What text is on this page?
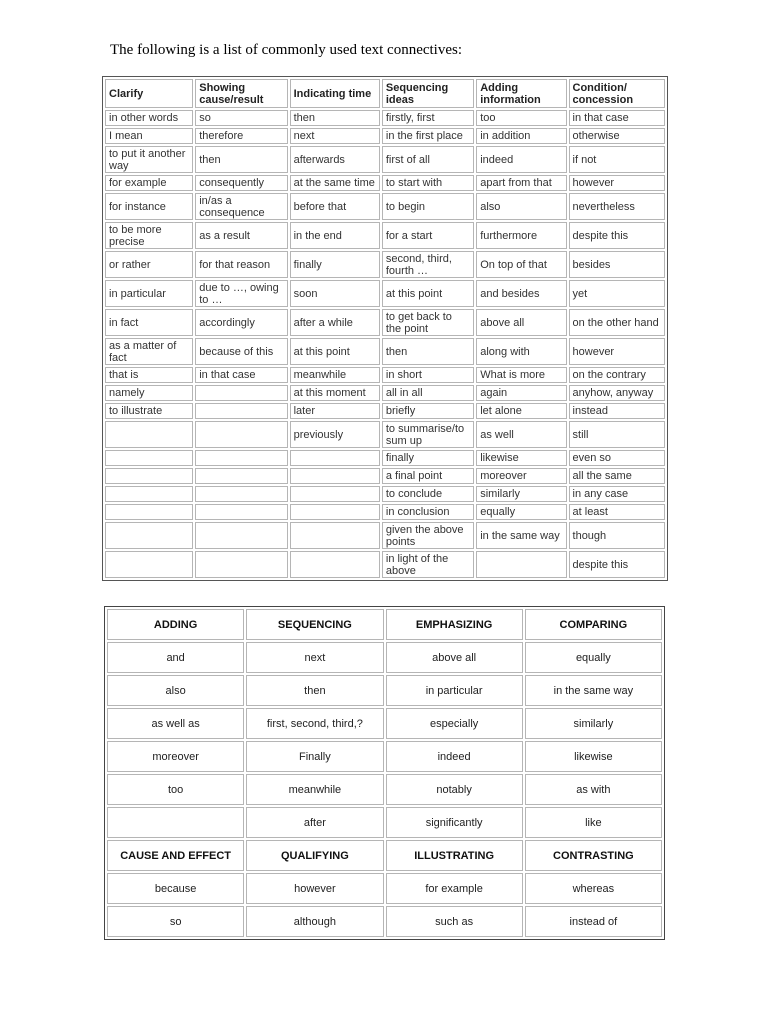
The following is a list of commonly used text connectives:
Clarify	Showing cause/result	Indicating time	Sequencing ideas	Adding information	Condition/ concession
in other words	so	then	firstly, first	too	in that case
I mean	therefore	next	in the first place	in addition	otherwise
to put it another way	then	afterwards	first of all	indeed	if not
for example	consequently	at the same time	to start with	apart from that	however
for instance	in/as a consequence	before that	to begin	also	nevertheless
to be more precise	as a result	in the end	for a start	furthermore	despite this
or rather	for that reason	finally	second, third, fourth …	On top of that	besides
in particular	due to …, owing to …	soon	at this point	and besides	yet
in fact	accordingly	after a while	to get back to the point	above all	on the other hand
as a matter of fact	because of this	at this point	then	along with	however
that is	in that case	meanwhile	in short	What is more	on the contrary
namely		at this moment	all in all	again	anyhow, anyway
to illustrate		later	briefly	let alone	instead
		previously	to summarise/to sum up	as well	still
			finally	likewise	even so
			a final point	moreover	all the same
			to conclude	similarly	in any case
			in conclusion	equally	at least
			given the above points	in the same way	though
			in light of the above		despite this
ADDING	SEQUENCING	EMPHASIZING	COMPARING
and	next	above all	equally
also	then	in particular	in the same way
as well as	first, second, third,?	especially	similarly
moreover	Finally	indeed	likewise
too	meanwhile	notably	as with
	after	significantly	like
CAUSE AND EFFECT	QUALIFYING	ILLUSTRATING	CONTRASTING
because	however	for example	whereas
so	although	such as	instead of
